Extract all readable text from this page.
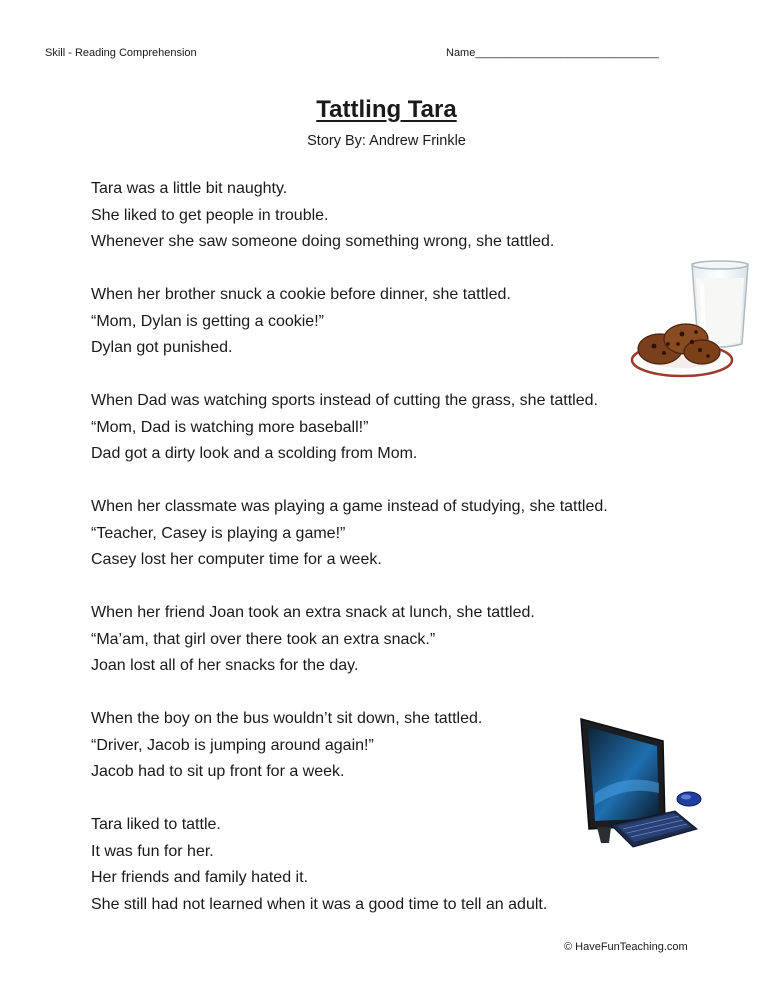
Skill - Reading Comprehension	Name______________________________
Tattling Tara
Story By: Andrew Frinkle
Tara was a little bit naughty.
She liked to get people in trouble.
Whenever she saw someone doing something wrong, she tattled.
When her brother snuck a cookie before dinner, she tattled.
“Mom, Dylan is getting a cookie!”
Dylan got punished.
When Dad was watching sports instead of cutting the grass, she tattled.
“Mom, Dad is watching more baseball!”
Dad got a dirty look and a scolding from Mom.
When her classmate was playing a game instead of studying, she tattled.
“Teacher, Casey is playing a game!”
Casey lost her computer time for a week.
When her friend Joan took an extra snack at lunch, she tattled.
“Ma’am, that girl over there took an extra snack.”
Joan lost all of her snacks for the day.
When the boy on the bus wouldn’t sit down, she tattled.
“Driver, Jacob is jumping around again!”
Jacob had to sit up front for a week.
Tara liked to tattle.
It was fun for her.
Her friends and family hated it.
She still had not learned when it was a good time to tell an adult.
© HaveFunTeaching.com
